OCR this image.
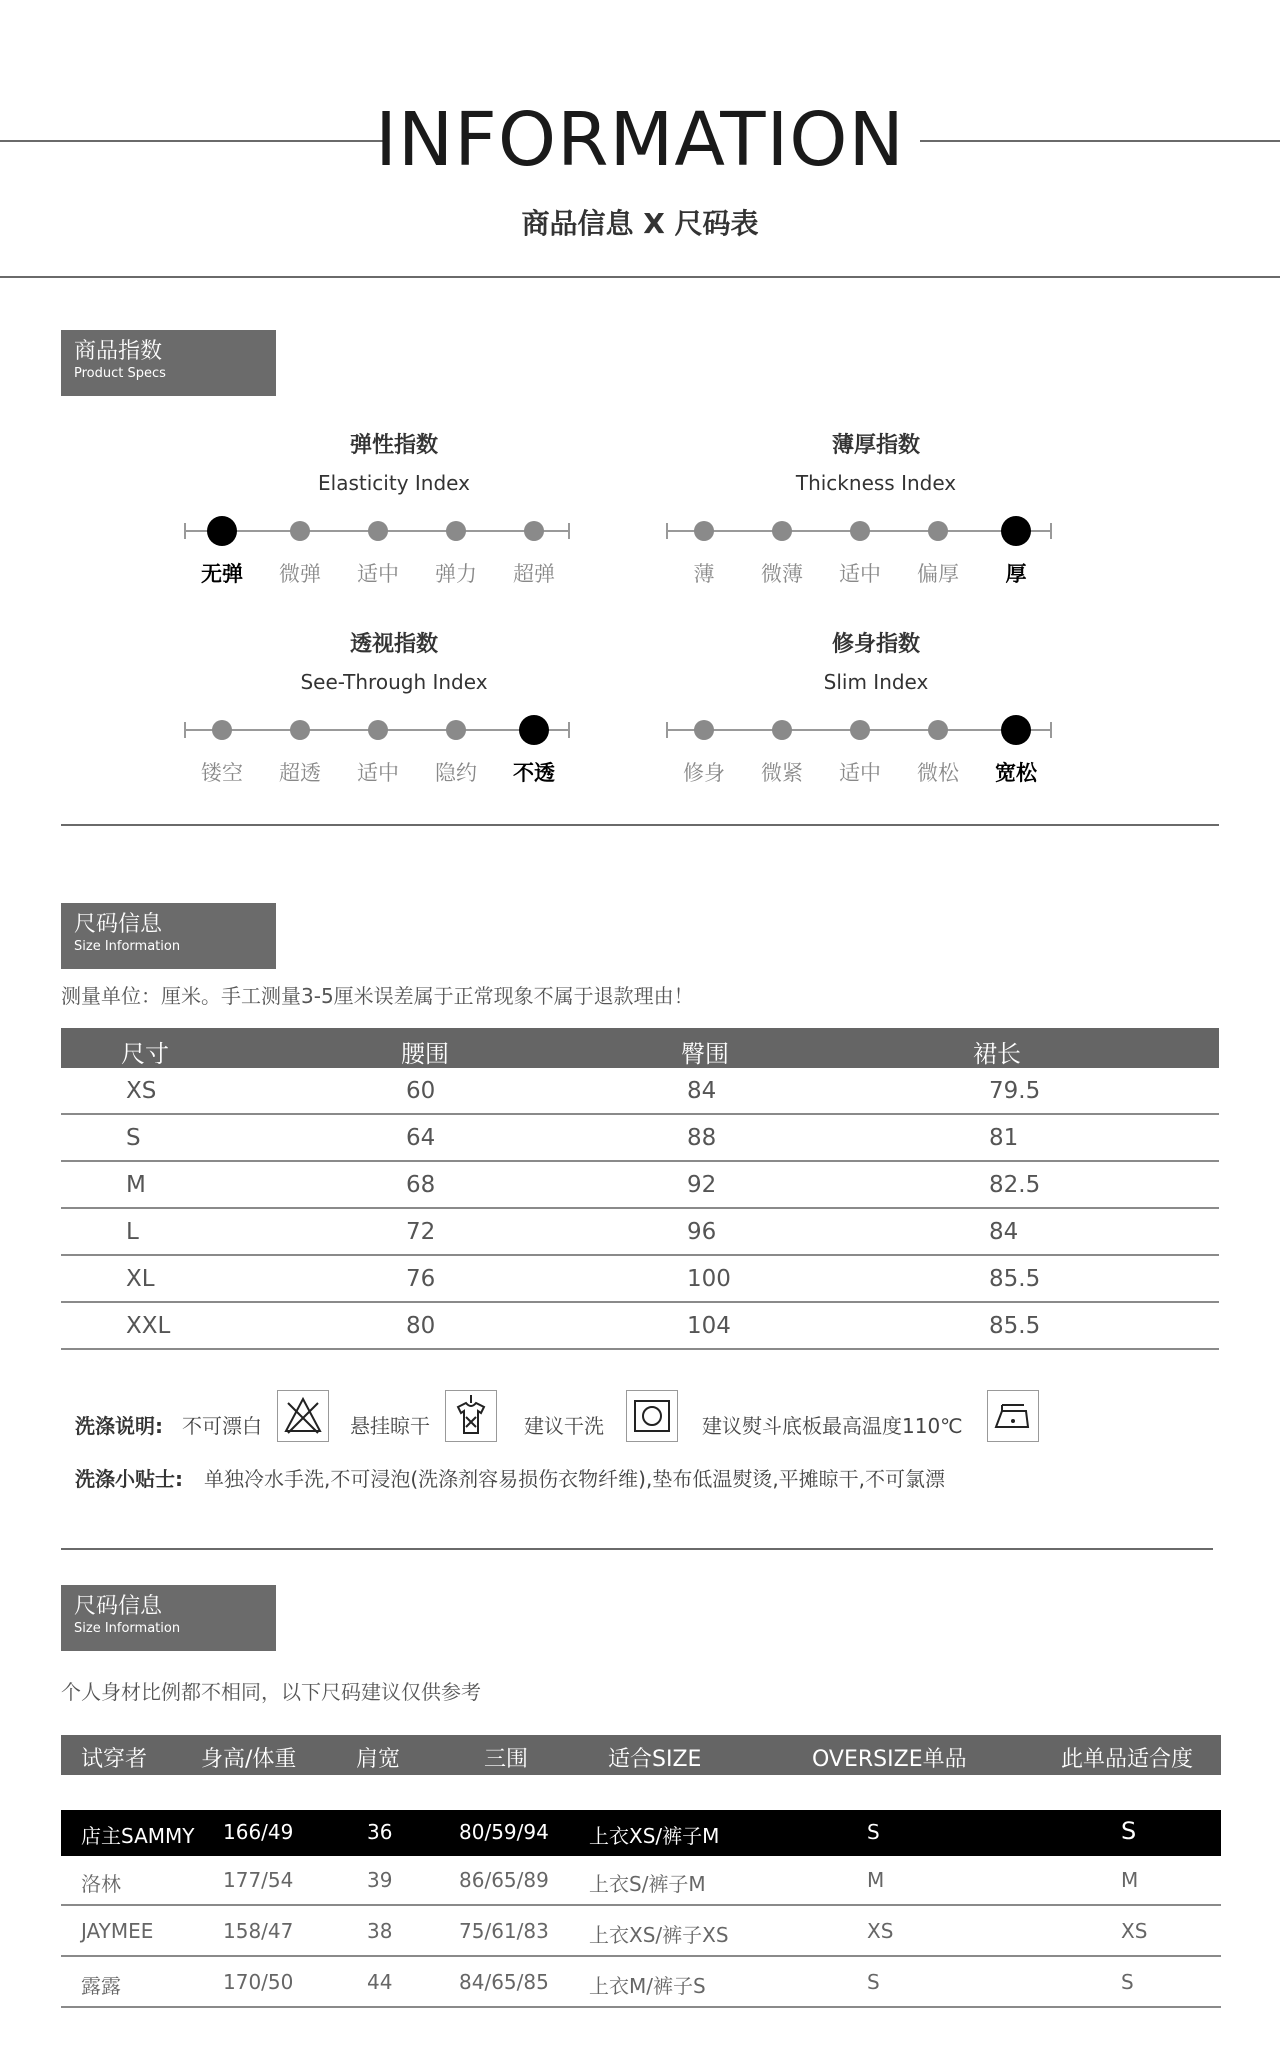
INFORMATION
商品信息 X 尺码表
商品指数
Product Specs
弹性指数
Elasticity Index
无弹	微弹	适中	弹力	超弹
薄厚指数
Thickness Index
薄	微薄	适中	偏厚	厚
透视指数
See-Through Index
镂空	超透	适中	隐约	不透
修身指数
Slim Index
修身	微紧	适中	微松	宽松
尺码信息
Size Information
测量单位：厘米。手工测量3-5厘米误差属于正常现象不属于退款理由！
尺寸	腰围	臀围	裙长
XS	60	84	79.5
S	64	88	81
M	68	92	82.5
L	72	96	84
XL	76	100	85.5
XXL	80	104	85.5
洗涤说明: 不可漂白	悬挂晾干	建议干洗	建议熨斗底板最高温度110℃
洗涤小贴士: 单独冷水手洗,不可浸泡(洗涤剂容易损伤衣物纤维),垫布低温熨烫,平摊晾干,不可氯漂
尺码信息
Size Information
个人身材比例都不相同，以下尺码建议仅供参考
试穿者 身高/体重	肩宽	三围	适合SIZE	OVERSIZE单品	此单品适合度
店主SAMMY 166/49	36	80/59/94 上衣XS/裤子M	S	S
洛林	177/54	39	86/65/89 上衣S/裤子M	M	M
JAYMEE	158/47	38	75/61/83 上衣XS/裤子XS	XS	XS
露露	170/50	44	84/65/85 上衣M/裤子S	S	S
